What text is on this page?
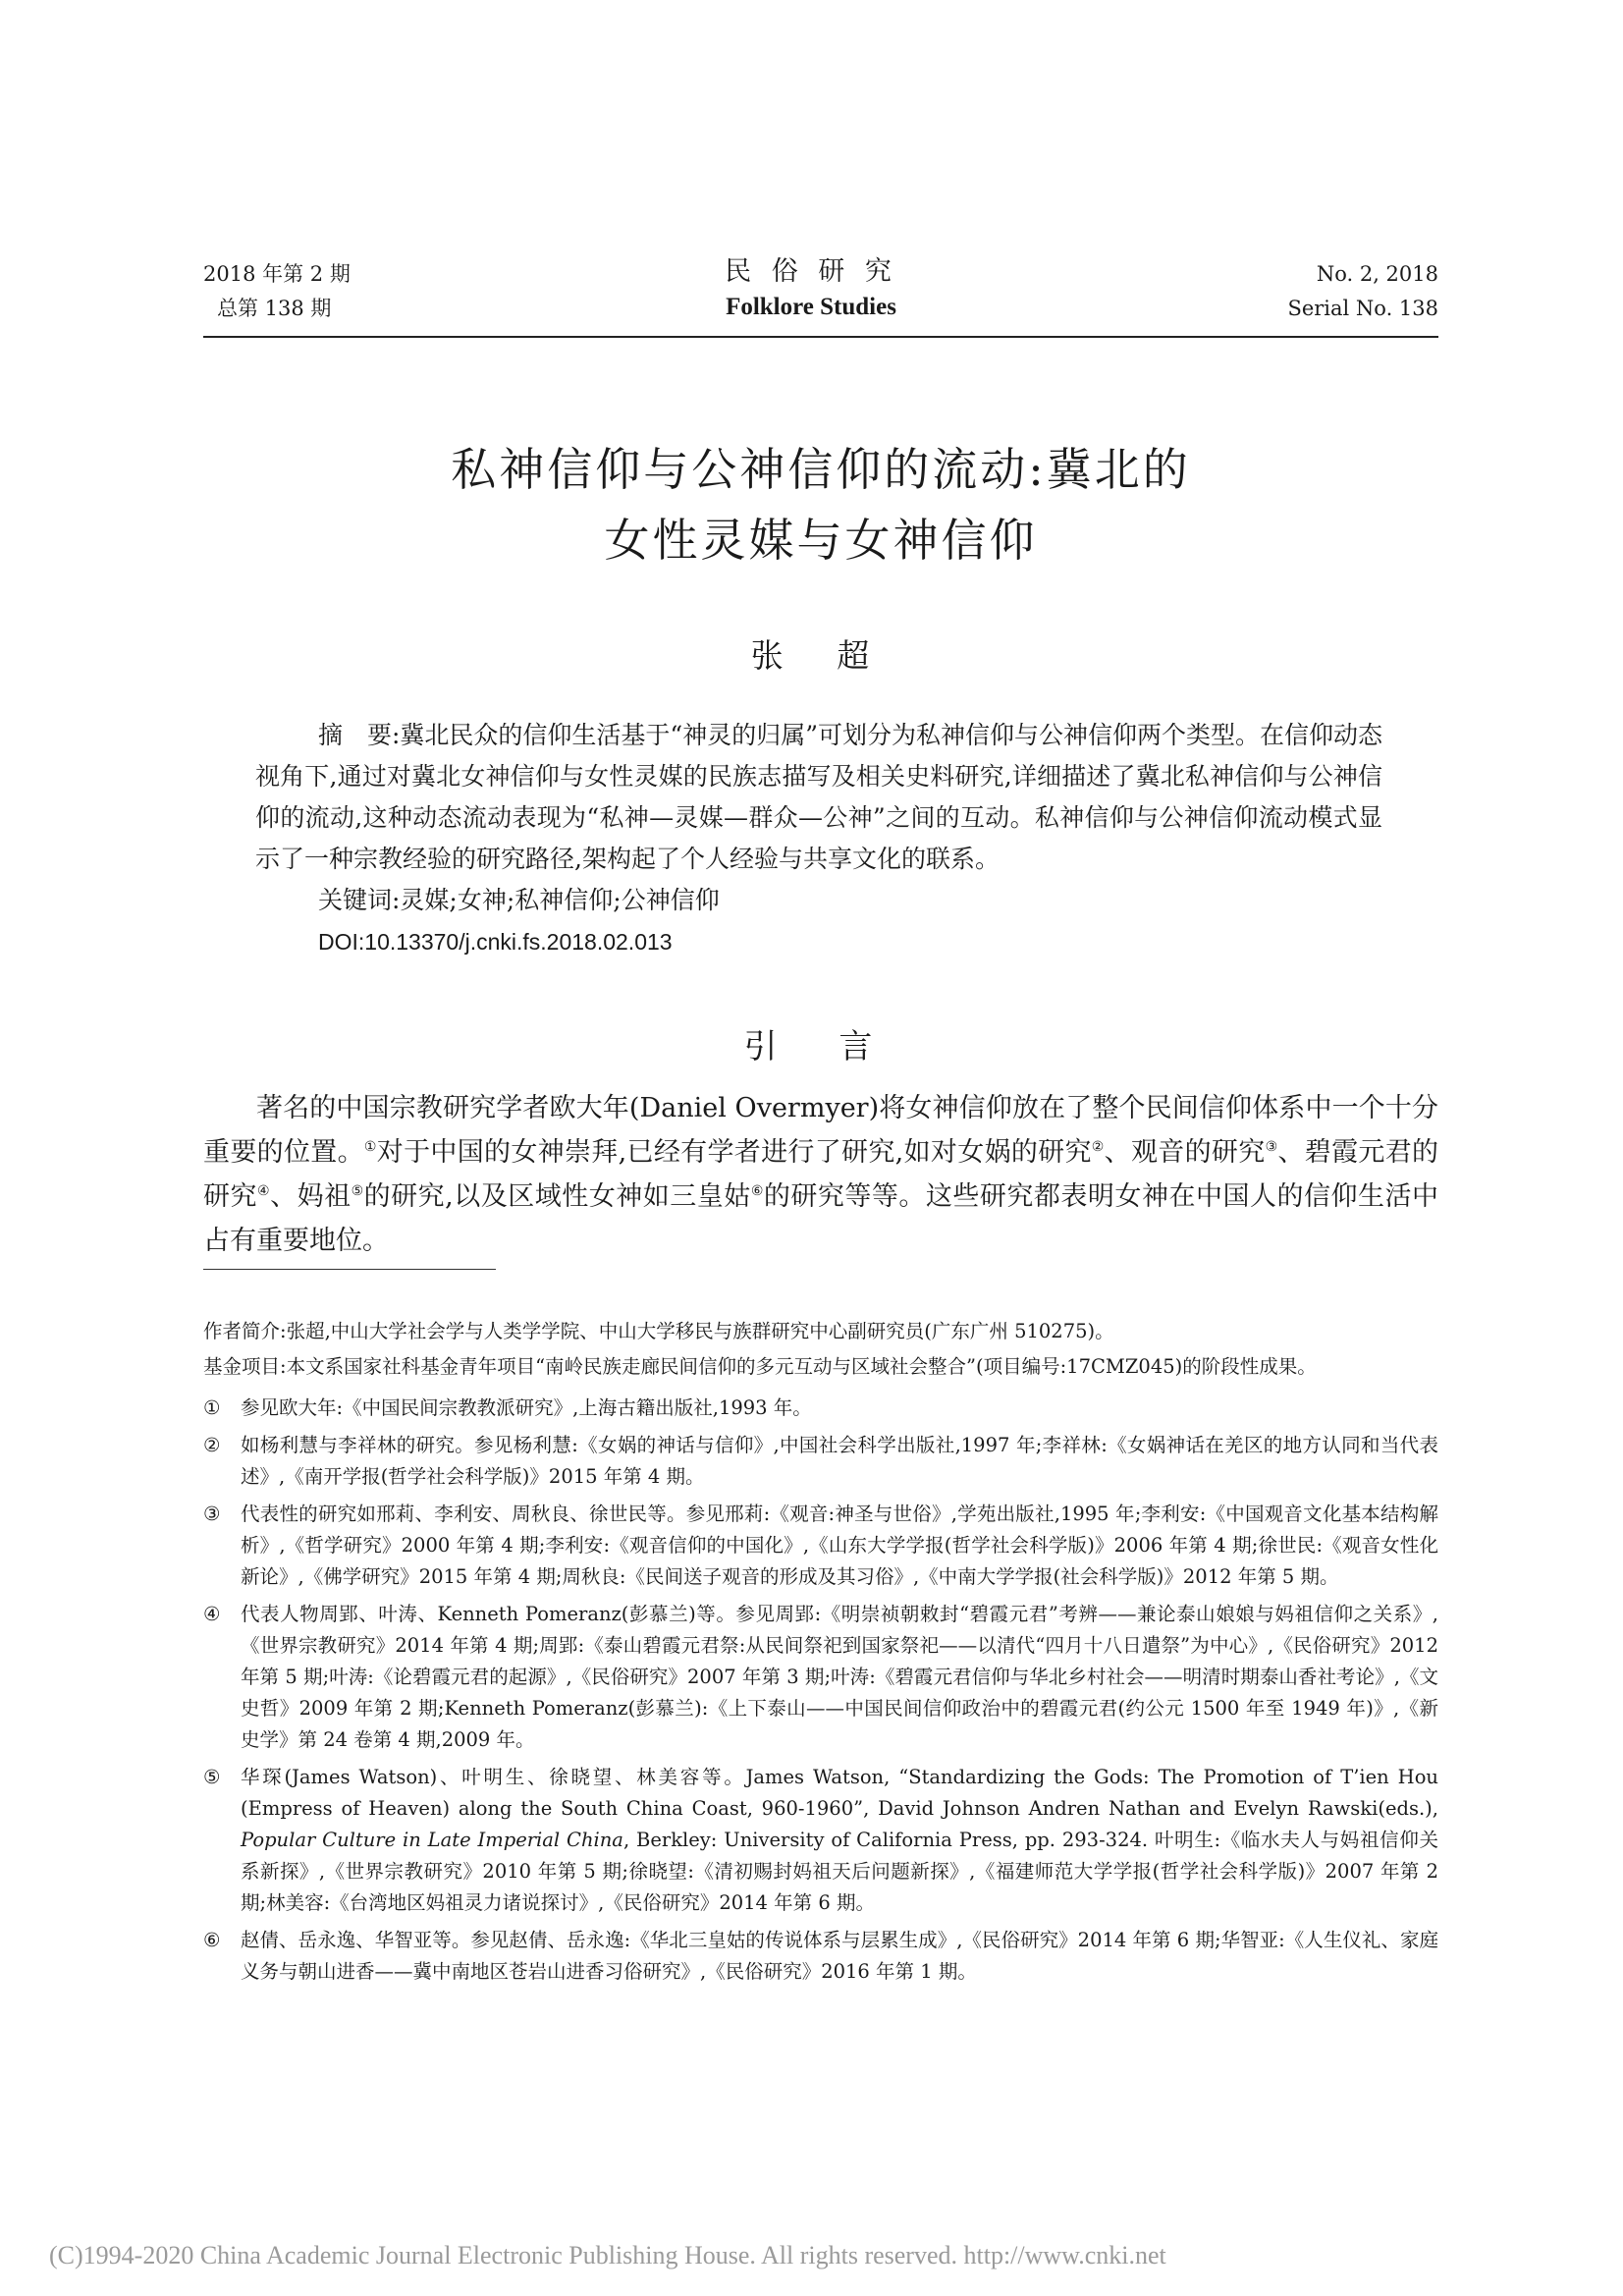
2018 年第 2 期
总第 138 期
民 俗 研 究
Folklore Studies
No. 2, 2018
Serial No. 138
私神信仰与公神信仰的流动:冀北的
女性灵媒与女神信仰
张 超

摘　要:冀北民众的信仰生活基于“神灵的归属”可划分为私神信仰与公神信仰两个类型。在信仰动态视角下,通过对冀北女神信仰与女性灵媒的民族志描写及相关史料研究,详细描述了冀北私神信仰与公神信仰的流动,这种动态流动表现为“私神—灵媒—群众—公神”之间的互动。私神信仰与公神信仰流动模式显示了一种宗教经验的研究路径,架构起了个人经验与共享文化的联系。

关键词:灵媒;女神;私神信仰;公神信仰

DOI:10.13370/j.cnki.fs.2018.02.013

引 言

著名的中国宗教研究学者欧大年(Daniel Overmyer)将女神信仰放在了整个民间信仰体系中一个十分重要的位置。①对于中国的女神崇拜,已经有学者进行了研究,如对女娲的研究②、观音的研究③、碧霞元君的研究④、妈祖⑤的研究,以及区域性女神如三皇姑⑥的研究等等。这些研究都表明女神在中国人的信仰生活中占有重要地位。

作者简介:张超,中山大学社会学与人类学学院、中山大学移民与族群研究中心副研究员(广东广州 510275)。

基金项目:本文系国家社科基金青年项目“南岭民族走廊民间信仰的多元互动与区域社会整合”(项目编号:17CMZ045)的阶段性成果。

① 参见欧大年:《中国民间宗教教派研究》,上海古籍出版社,1993 年。
② 如杨利慧与李祥林的研究。参见杨利慧:《女娲的神话与信仰》,中国社会科学出版社,1997 年;李祥林:《女娲神话在羌区的地方认同和当代表述》,《南开学报(哲学社会科学版)》2015 年第 4 期。
③ 代表性的研究如邢莉、李利安、周秋良、徐世民等。参见邢莉:《观音:神圣与世俗》,学苑出版社,1995 年;李利安:《中国观音文化基本结构解析》,《哲学研究》2000 年第 4 期;李利安:《观音信仰的中国化》,《山东大学学报(哲学社会科学版)》2006 年第 4 期;徐世民:《观音女性化新论》,《佛学研究》2015 年第 4 期;周秋良:《民间送子观音的形成及其习俗》,《中南大学学报(社会科学版)》2012 年第 5 期。
④ 代表人物周郢、叶涛、Kenneth Pomeranz(彭慕兰)等。参见周郢:《明崇祯朝敕封“碧霞元君”考辨——兼论泰山娘娘与妈祖信仰之关系》,《世界宗教研究》2014 年第 4 期;周郢:《泰山碧霞元君祭:从民间祭祀到国家祭祀——以清代“四月十八日遣祭”为中心》,《民俗研究》2012 年第 5 期;叶涛:《论碧霞元君的起源》,《民俗研究》2007 年第 3 期;叶涛:《碧霞元君信仰与华北乡村社会——明清时期泰山香社考论》,《文史哲》2009 年第 2 期;Kenneth Pomeranz(彭慕兰):《上下泰山——中国民间信仰政治中的碧霞元君(约公元 1500 年至 1949 年)》,《新史学》第 24 卷第 4 期,2009 年。
⑤ 华琛(James Watson)、叶明生、徐晓望、林美容等。James Watson, “Standardizing the Gods: The Promotion of T’ien Hou (Empress of Heaven) along the South China Coast, 960-1960”, David Johnson Andren Nathan and Evelyn Rawski(eds.), Popular Culture in Late Imperial China, Berkley: University of California Press, pp. 293-324. 叶明生:《临水夫人与妈祖信仰关系新探》,《世界宗教研究》2010 年第 5 期;徐晓望:《清初赐封妈祖天后问题新探》,《福建师范大学学报(哲学社会科学版)》2007 年第 2 期;林美容:《台湾地区妈祖灵力诸说探讨》,《民俗研究》2014 年第 6 期。
⑥ 赵倩、岳永逸、华智亚等。参见赵倩、岳永逸:《华北三皇姑的传说体系与层累生成》,《民俗研究》2014 年第 6 期;华智亚:《人生仪礼、家庭义务与朝山进香——冀中南地区苍岩山进香习俗研究》,《民俗研究》2016 年第 1 期。
(C)1994-2020 China Academic Journal Electronic Publishing House. All rights reserved. http://www.cnki.net
